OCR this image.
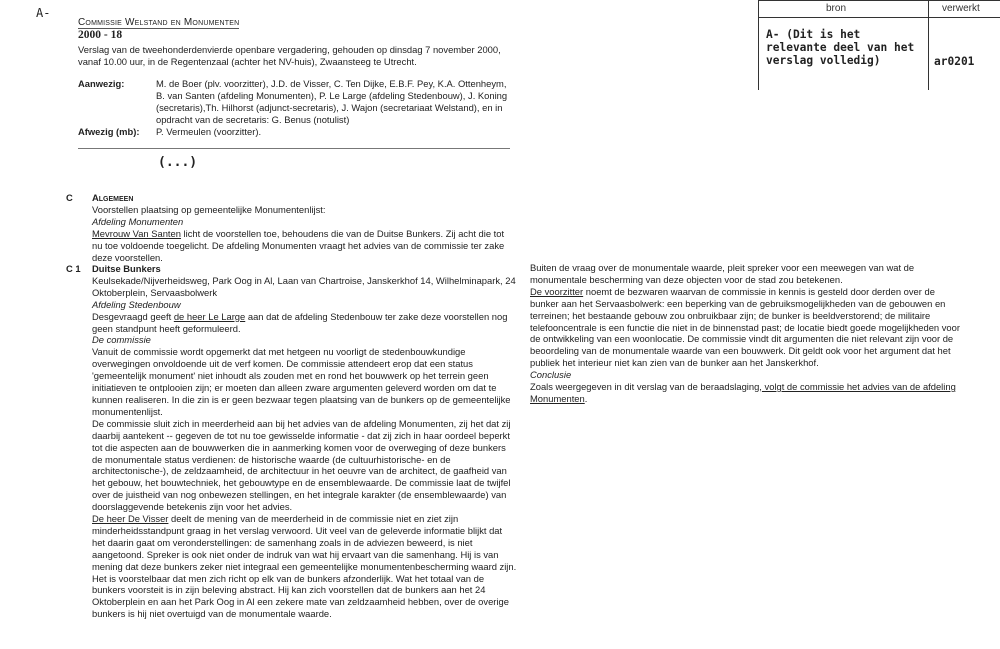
A-
Commissie Welstand en Monumenten
2000 - 18
Verslag van de tweehonderdenvierde openbare vergadering, gehouden op dinsdag 7 november 2000, vanaf 10.00 uur, in de Regentenzaal (achter het NV-huis), Zwaansteeg te Utrecht.
Aanwezig:	M. de Boer (plv. voorzitter), J.D. de Visser, C. Ten Dijke, E.B.F. Pey, K.A. Ottenheym, B. van Santen (afdeling Monumenten), P. Le Large (afdeling Stedenbouw), J. Koning (secretaris),Th. Hilhorst (adjunct-secretaris), J. Wajon (secretariaat Welstand), en in opdracht van de secretaris: G. Benus (notulist)
Afwezig (mb): P. Vermeulen (voorzitter).
(...)
bron	verwerkt
A- (Dit is het relevante deel van het verslag volledig)	ar0201
C Algemeen

Voorstellen plaatsing op gemeentelijke Monumentenlijst:

Afdeling Monumenten

Mevrouw Van Santen licht de voorstellen toe, behoudens die van de Duitse Bunkers. Zij acht die tot nu toe voldoende toegelicht. De afdeling Monumenten vraagt het advies van de commissie ter zake deze voorstellen.

C 1 Duitse Bunkers

Keulsekade/Nijverheidsweg, Park Oog in Al, Laan van Chartroise, Janskerkhof 14, Wilhelminapark, 24 Oktoberplein, Servaasbolwerk

Afdeling Stedenbouw

Desgevraagd geeft de heer Le Large aan dat de afdeling Stedenbouw ter zake deze voorstellen nog geen standpunt heeft geformuleerd.

De commissie

Vanuit de commissie wordt opgemerkt dat met hetgeen nu voorligt de stedenbouwkundige overwegingen onvoldoende uit de verf komen. De commissie attendeert erop dat een status 'gemeentelijk monument' niet inhoudt als zouden met en rond het bouwwerk op het terrein geen initiatieven te ontplooien zijn; er moeten dan alleen zware argumenten geleverd worden om dat te kunnen realiseren. In die zin is er geen bezwaar tegen plaatsing van de bunkers op de gemeentelijke monumentenlijst.

De commissie sluit zich in meerderheid aan bij het advies van de afdeling Monumenten, zij het dat zij daarbij aantekent -- gegeven de tot nu toe gewisselde informatie - dat zij zich in haar oordeel beperkt tot die aspecten aan de bouwwerken die in aanmerking komen voor de overweging of deze bunkers de monumentale status verdienen: de historische waarde (de cultuurhistorische- en de architectonische-), de zeldzaamheid, de architectuur in het oeuvre van de architect, de gaafheid van het gebouw, het bouwtechniek, het gebouwtype en de ensemblewaarde. De commissie laat de twijfel over de juistheid van nog onbewezen stellingen, en het integrale karakter (de ensemblewaarde) van doorslaggevende betekenis zijn voor het advies.

De heer De Visser deelt de mening van de meerderheid in de commissie niet en ziet zijn minderheidsstandpunt graag in het verslag verwoord. Uit veel van de geleverde informatie blijkt dat het daarin gaat om veronderstellingen: de samenhang zoals in de adviezen beweerd, is niet aangetoond. Spreker is ook niet onder de indruk van wat hij ervaart van die samenhang. Hij is van mening dat deze bunkers zeker niet integraal een gemeentelijke monumentenbescherming waard zijn. Het is voorstelbaar dat men zich richt op elk van de bunkers afzonderlijk. Wat het totaal van de bunkers voorsteit is in zijn beleving abstract. Hij kan zich voorstellen dat de bunkers aan het 24 Oktoberplein en aan het Park Oog in Al een zekere mate van zeldzaamheid hebben, over de overige bunkers is hij niet overtuigd van de monumentale waarde.

Buiten de vraag over de monumentale waarde, pleit spreker voor een meewegen van wat de monumentale bescherming van deze objecten voor de stad zou betekenen.

De voorzitter noemt de bezwaren waarvan de commissie in kennis is gesteld door derden over de bunker aan het Servaasbolwerk: een beperking van de gebruiksmogelijkheden van de gebouwen en terreinen; het bestaande gebouw zou onbruikbaar zijn; de bunker is beeldverstorend; de militaire telefooncentrale is een functie die niet in de binnenstad past; de locatie biedt goede mogelijkheden voor de ontwikkeling van een woonlocatie. De commissie vindt dit argumenten die niet relevant zijn voor de beoordeling van de monumentale waarde van een bouwwerk. Dit geldt ook voor het argument dat het publiek het interieur niet kan zien van de bunker aan het Janskerkhof.

Conclusie

Zoals weergegeven in dit verslag van de beraadslaging, volgt de commissie het advies van de afdeling Monumenten.
